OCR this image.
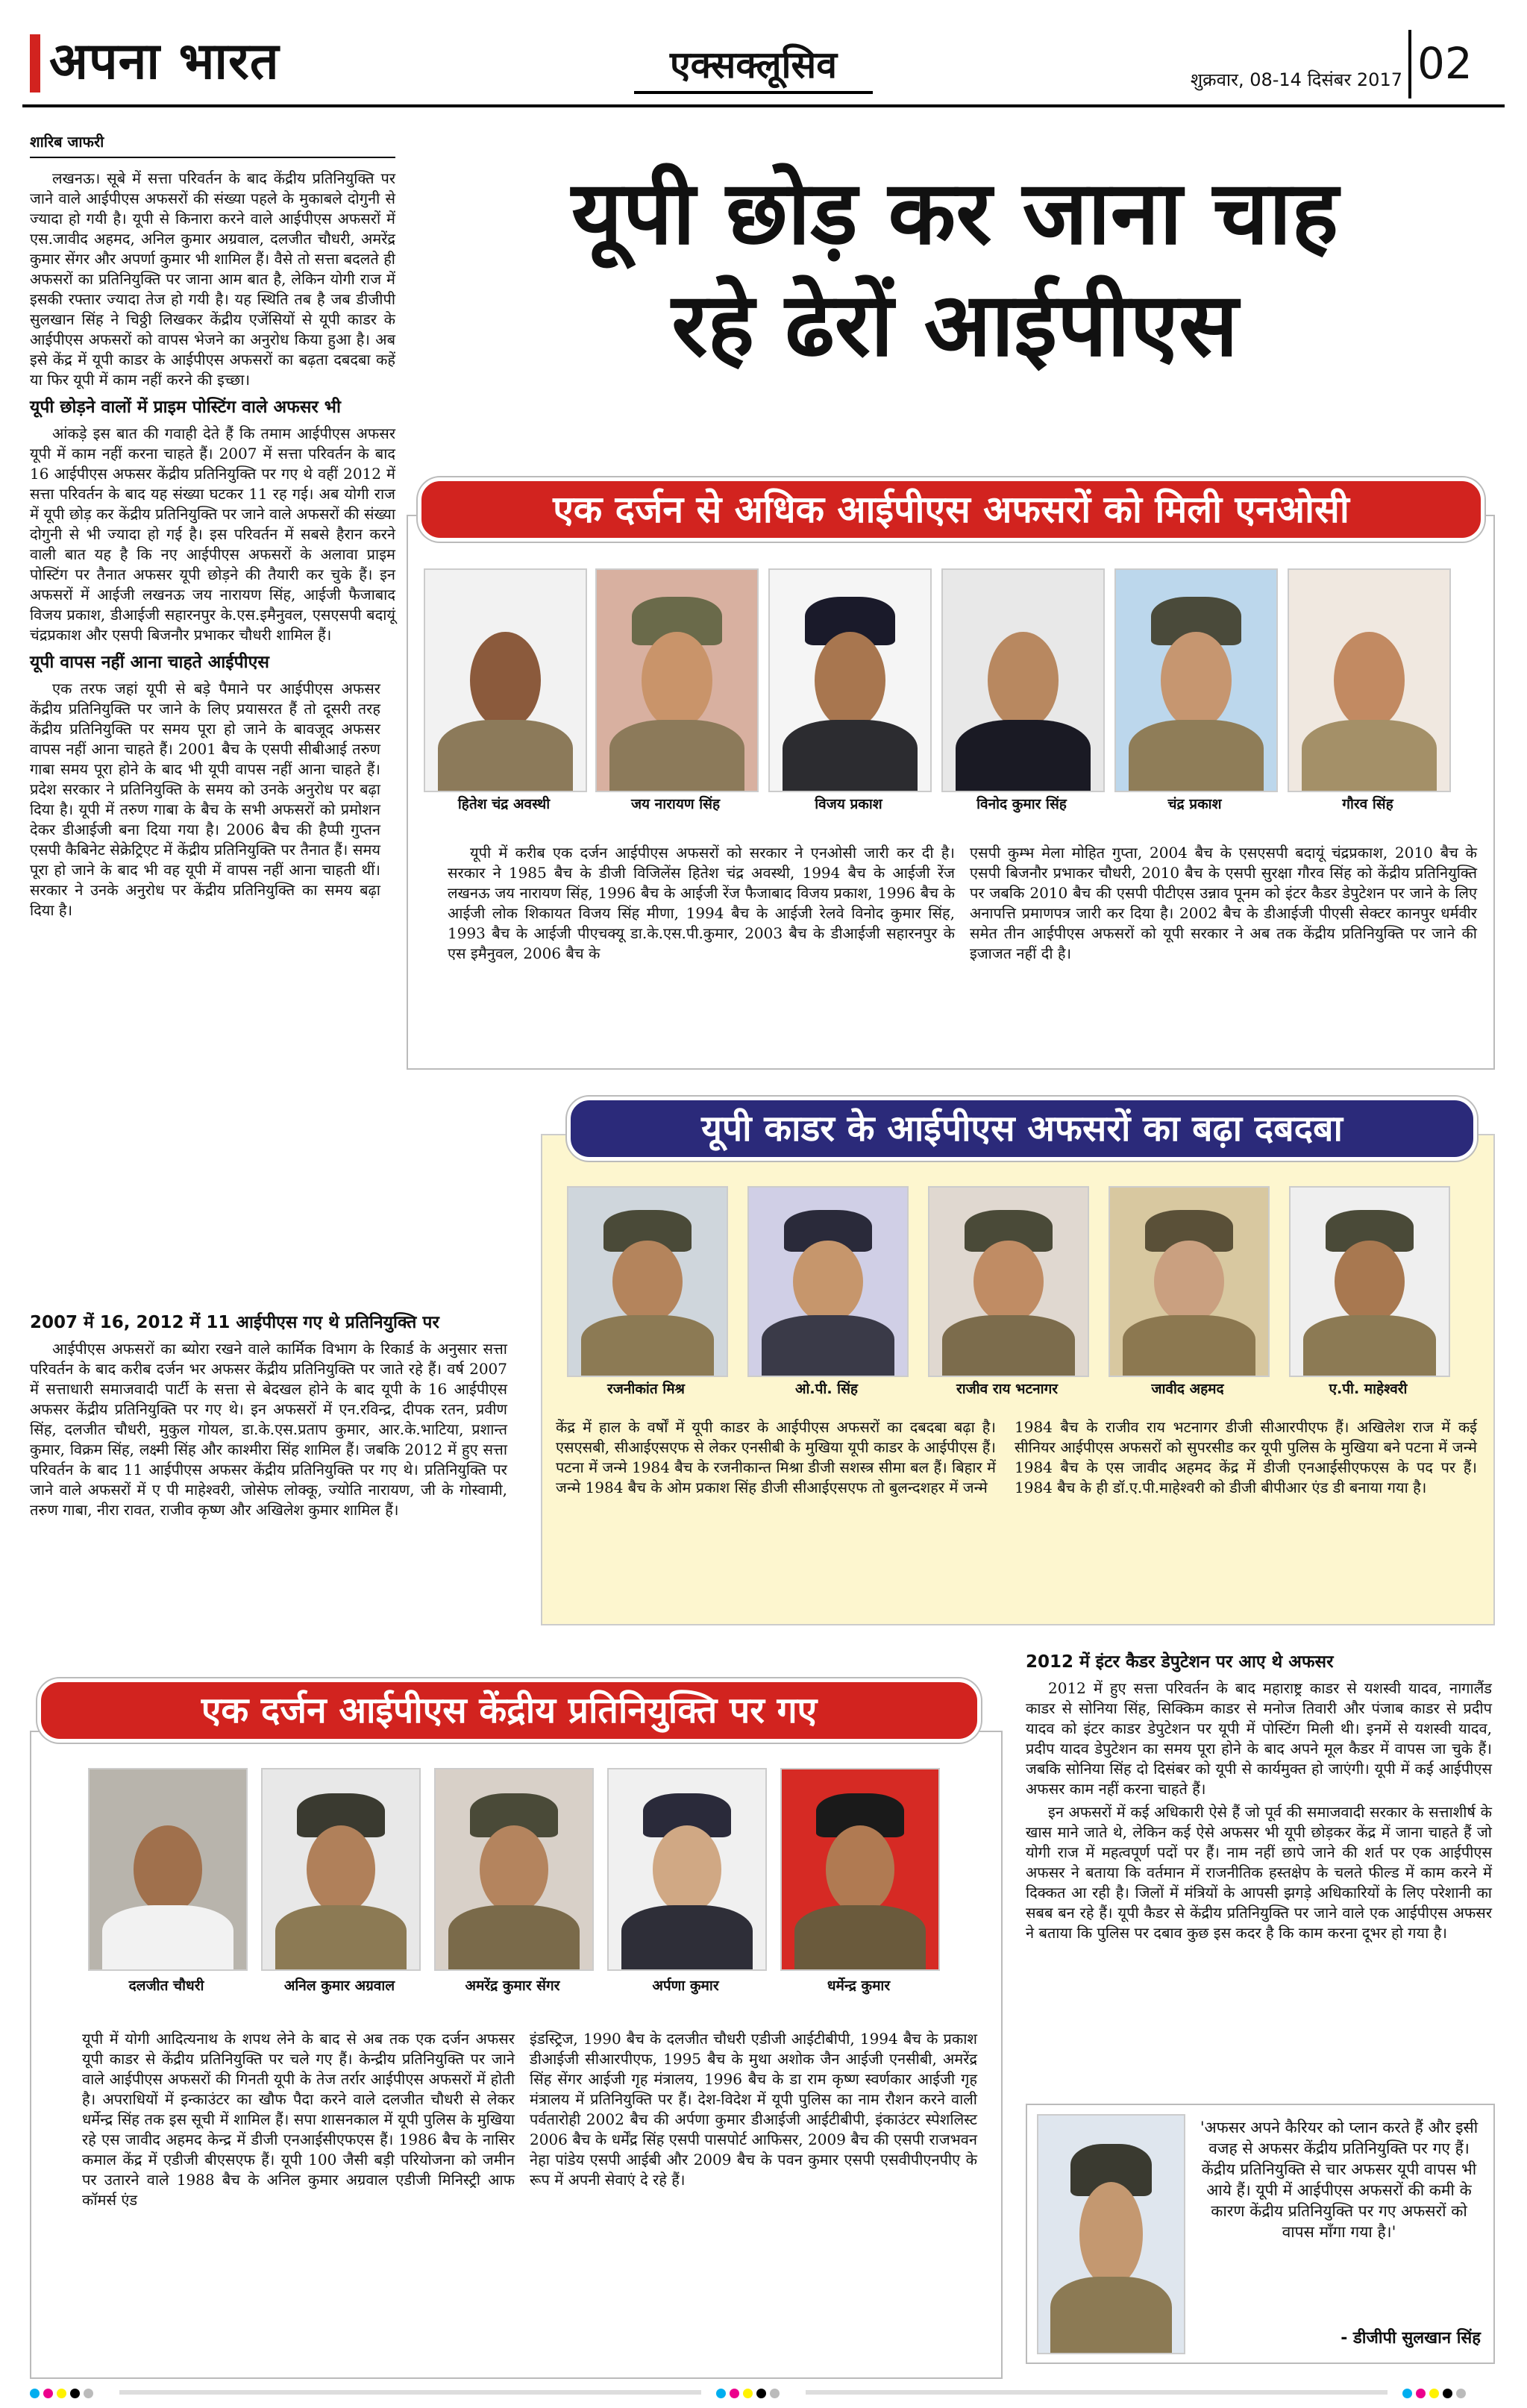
अपना भारत	एक्सक्लूसिव	शुक्रवार, 08-14 दिसंबर 2017 02
शारिब जाफरी

लखनऊ। सूबे में सत्ता परिवर्तन के बाद केंद्रीय प्रतिनियुक्ति पर जाने वाले आईपीएस अफसरों की संख्या पहले के मुकाबले दोगुनी से ज्यादा हो गयी है। यूपी से किनारा करने वाले आईपीएस अफसरों में एस.जावीद अहमद, अनिल कुमार अग्रवाल, दलजीत चौधरी, अमरेंद्र कुमार सेंगर और अपर्णा कुमार भी शामिल हैं। वैसे तो सत्ता बदलते ही अफसरों का प्रतिनियुक्ति पर जाना आम बात है, लेकिन योगी राज में इसकी रफ्तार ज्यादा तेज हो गयी है। यह स्थिति तब है जब डीजीपी सुलखान सिंह ने चिठ्ठी लिखकर केंद्रीय एजेंसियों से यूपी काडर के आईपीएस अफसरों को वापस भेजने का अनुरोध किया हुआ है। अब इसे केंद्र में यूपी काडर के आईपीएस अफसरों का बढ़ता दबदबा कहें या फिर यूपी में काम नहीं करने की इच्छा।

यूपी छोड़ने वालों में प्राइम पोस्टिंग वाले अफसर भी

आंकड़े इस बात की गवाही देते हैं कि तमाम आईपीएस अफसर यूपी में काम नहीं करना चाहते हैं। 2007 में सत्ता परिवर्तन के बाद 16 आईपीएस अफसर केंद्रीय प्रतिनियुक्ति पर गए थे वहीं 2012 में सत्ता परिवर्तन के बाद यह संख्या घटकर 11 रह गई। अब योगी राज में यूपी छोड़ कर केंद्रीय प्रतिनियुक्ति पर जाने वाले अफसरों की संख्या दोगुनी से भी ज्यादा हो गई है। इस परिवर्तन में सबसे हैरान करने वाली बात यह है कि नए आईपीएस अफसरों के अलावा प्राइम पोस्टिंग पर तैनात अफसर यूपी छोड़ने की तैयारी कर चुके हैं। इन अफसरों में आईजी लखनऊ जय नारायण सिंह, आईजी फैजाबाद विजय प्रकाश, डीआईजी सहारनपुर के.एस.इमैनुवल, एसएसपी बदायूं चंद्रप्रकाश और एसपी बिजनौर प्रभाकर चौधरी शामिल हैं।

यूपी वापस नहीं आना चाहते आईपीएस

एक तरफ जहां यूपी से बड़े पैमाने पर आईपीएस अफसर केंद्रीय प्रतिनियुक्ति पर जाने के लिए प्रयासरत हैं तो दूसरी तरह केंद्रीय प्रतिनियुक्ति पर समय पूरा हो जाने के बावजूद अफसर वापस नहीं आना चाहते हैं। 2001 बैच के एसपी सीबीआई तरुण गाबा समय पूरा होने के बाद भी यूपी वापस नहीं आना चाहते हैं। प्रदेश सरकार ने प्रतिनियुक्ति के समय को उनके अनुरोध पर बढ़ा दिया है। यूपी में तरुण गाबा के बैच के सभी अफसरों को प्रमोशन देकर डीआईजी बना दिया गया है। 2006 बैच की हैप्पी गुप्तन एसपी कैबिनेट सेक्रेट्रिएट में केंद्रीय प्रतिनियुक्ति पर तैनात हैं। समय पूरा हो जाने के बाद भी वह यूपी में वापस नहीं आना चाहती थीं। सरकार ने उनके अनुरोध पर केंद्रीय प्रतिनियुक्ति का समय बढ़ा दिया है।

2007 में 16, 2012 में 11 आईपीएस गए थे प्रतिनियुक्ति पर

आईपीएस अफसरों का ब्योरा रखने वाले कार्मिक विभाग के रिकार्ड के अनुसार सत्ता परिवर्तन के बाद करीब दर्जन भर अफसर केंद्रीय प्रतिनियुक्ति पर जाते रहे हैं। वर्ष 2007 में सत्ताधारी समाजवादी पार्टी के सत्ता से बेदखल होने के बाद यूपी के 16 आईपीएस अफसर केंद्रीय प्रतिनियुक्ति पर गए थे। इन अफसरों में एन.रविन्द्र, दीपक रतन, प्रवीण सिंह, दलजीत चौधरी, मुकुल गोयल, डा.के.एस.प्रताप कुमार, आर.के.भाटिया, प्रशान्त कुमार, विक्रम सिंह, लक्ष्मी सिंह और काश्मीरा सिंह शामिल हैं। जबकि 2012 में हुए सत्ता परिवर्तन के बाद 11 आईपीएस अफसर केंद्रीय प्रतिनियुक्ति पर गए थे। प्रतिनियुक्ति पर जाने वाले अफसरों में ए पी माहेश्वरी, जोसेफ लोक्कू, ज्योति नारायण, जी के गोस्वामी, तरुण गाबा, नीरा रावत, राजीव कृष्ण और अखिलेश कुमार शामिल हैं।

यूपी छोड़ कर जाना चाह
रहे ढेरों आईपीएस
एक दर्जन से अधिक आईपीएस अफसरों को मिली एनओसी
हितेश चंद्र अवस्थी	जय नारायण सिंह	विजय प्रकाश	विनोद कुमार सिंह	चंद्र प्रकाश	गौरव सिंह
यूपी में करीब एक दर्जन आईपीएस अफसरों को सरकार ने एनओसी जारी कर दी है। सरकार ने 1985 बैच के डीजी विजिलेंस हितेश चंद्र अवस्थी, 1994 बैच के आईजी रेंज लखनऊ जय नारायण सिंह, 1996 बैच के आईजी रेंज फैजाबाद विजय प्रकाश, 1996 बैच के आईजी लोक शिकायत विजय सिंह मीणा, 1994 बैच के आईजी रेलवे विनोद कुमार सिंह, 1993 बैच के आईजी पीएचक्यू डा.के.एस.पी.कुमार, 2003 बैच के डीआईजी सहारनपुर के एस इमैनुवल, 2006 बैच के
एसपी कुम्भ मेला मोहित गुप्ता, 2004 बैच के एसएसपी बदायूं चंद्रप्रकाश, 2010 बैच के एसपी बिजनौर प्रभाकर चौधरी, 2010 बैच के एसपी सुरक्षा गौरव सिंह को केंद्रीय प्रतिनियुक्ति पर जबकि 2010 बैच की एसपी पीटीएस उन्नाव पूनम को इंटर कैडर डेपुटेशन पर जाने के लिए अनापत्ति प्रमाणपत्र जारी कर दिया है। 2002 बैच के डीआईजी पीएसी सेक्टर कानपुर धर्मवीर समेत तीन आईपीएस अफसरों को यूपी सरकार ने अब तक केंद्रीय प्रतिनियुक्ति पर जाने की इजाजत नहीं दी है।
यूपी काडर के आईपीएस अफसरों का बढ़ा दबदबा
रजनीकांत मिश्र	ओ.पी. सिंह	राजीव राय भटनागर	जावीद अहमद	ए.पी. माहेश्वरी
केंद्र में हाल के वर्षों में यूपी काडर के आईपीएस अफसरों का दबदबा बढ़ा है। एसएसबी, सीआईएसएफ से लेकर एनसीबी के मुखिया यूपी काडर के आईपीएस हैं। पटना में जन्मे 1984 बैच के रजनीकान्त मिश्रा डीजी सशस्त्र सीमा बल हैं। बिहार में जन्मे 1984 बैच के ओम प्रकाश सिंह डीजी सीआईएसएफ तो बुलन्दशहर में जन्मे
1984 बैच के राजीव राय भटनागर डीजी सीआरपीएफ हैं। अखिलेश राज में कई सीनियर आईपीएस अफसरों को सुपरसीड कर यूपी पुलिस के मुखिया बने पटना में जन्मे 1984 बैच के एस जावीद अहमद केंद्र में डीजी एनआईसीएफएस के पद पर हैं। 1984 बैच के ही डॉ.ए.पी.माहेश्वरी को डीजी बीपीआर एंड डी बनाया गया है।
एक दर्जन आईपीएस केंद्रीय प्रतिनियुक्ति पर गए
दलजीत चौधरी	अनिल कुमार अग्रवाल	अमरेंद्र कुमार सेंगर	अर्पणा कुमार	धर्मेन्द्र कुमार
यूपी में योगी आदित्यनाथ के शपथ लेने के बाद से अब तक एक दर्जन अफसर यूपी काडर से केंद्रीय प्रतिनियुक्ति पर चले गए हैं। केन्द्रीय प्रतिनियुक्ति पर जाने वाले आईपीएस अफसरों की गिनती यूपी के तेज तर्रार आईपीएस अफसरों में होती है। अपराधियों में इन्काउंटर का खौफ पैदा करने वाले दलजीत चौधरी से लेकर धर्मेन्द्र सिंह तक इस सूची में शामिल हैं। सपा शासनकाल में यूपी पुलिस के मुखिया रहे एस जावीद अहमद केन्द्र में डीजी एनआईसीएफएस हैं। 1986 बैच के नासिर कमाल केंद्र में एडीजी बीएसएफ हैं। यूपी 100 जैसी बड़ी परियोजना को जमीन पर उतारने वाले 1988 बैच के अनिल कुमार अग्रवाल एडीजी मिनिस्ट्री आफ कॉमर्स एंड
इंडस्ट्रिज, 1990 बैच के दलजीत चौधरी एडीजी आईटीबीपी, 1994 बैच के प्रकाश डीआईजी सीआरपीएफ, 1995 बैच के मुथा अशोक जैन आईजी एनसीबी, अमरेंद्र सिंह सेंगर आईजी गृह मंत्रालय, 1996 बैच के डा राम कृष्ण स्वर्णकार आईजी गृह मंत्रालय में प्रतिनियुक्ति पर हैं। देश-विदेश में यूपी पुलिस का नाम रौशन करने वाली पर्वतारोही 2002 बैच की अर्पणा कुमार डीआईजी आईटीबीपी, इंकाउंटर स्पेशलिस्ट 2006 बैच के धर्मेंद्र सिंह एसपी पासपोर्ट आफिसर, 2009 बैच की एसपी राजभवन नेहा पांडेय एसपी आईबी और 2009 बैच के पवन कुमार एसपी एसवीपीएनपीए के रूप में अपनी सेवाएं दे रहे हैं।
2012 में इंटर कैडर डेपुटेशन पर आए थे अफसर

2012 में हुए सत्ता परिवर्तन के बाद महाराष्ट्र काडर से यशस्वी यादव, नागालैंड काडर से सोनिया सिंह, सिक्किम काडर से मनोज तिवारी और पंजाब काडर से प्रदीप यादव को इंटर काडर डेपुटेशन पर यूपी में पोस्टिंग मिली थी। इनमें से यशस्वी यादव, प्रदीप यादव डेपुटेशन का समय पूरा होने के बाद अपने मूल कैडर में वापस जा चुके हैं। जबकि सोनिया सिंह दो दिसंबर को यूपी से कार्यमुक्त हो जाएंगी। यूपी में कई आईपीएस अफसर काम नहीं करना चाहते हैं।

इन अफसरों में कई अधिकारी ऐसे हैं जो पूर्व की समाजवादी सरकार के सत्ताशीर्ष के खास माने जाते थे, लेकिन कई ऐसे अफसर भी यूपी छोड़कर केंद्र में जाना चाहते हैं जो योगी राज में महत्वपूर्ण पदों पर हैं। नाम नहीं छापे जाने की शर्त पर एक आईपीएस अफसर ने बताया कि वर्तमान में राजनीतिक हस्तक्षेप के चलते फील्ड में काम करने में दिक्कत आ रही है। जिलों में मंत्रियों के आपसी झगड़े अधिकारियों के लिए परेशानी का सबब बन रहे हैं। यूपी कैडर से केंद्रीय प्रतिनियुक्ति पर जाने वाले एक आईपीएस अफसर ने बताया कि पुलिस पर दबाव कुछ इस कदर है कि काम करना दूभर हो गया है।

'अफसर अपने कैरियर को प्लान करते हैं और इसी वजह से अफसर केंद्रीय प्रतिनियुक्ति पर गए हैं। केंद्रीय प्रतिनियुक्ति से चार अफसर यूपी वापस भी आये हैं। यूपी में आईपीएस अफसरों की कमी के कारण केंद्रीय प्रतिनियुक्ति पर गए अफसरों को वापस माँगा गया है।'
- डीजीपी सुलखान सिंह
